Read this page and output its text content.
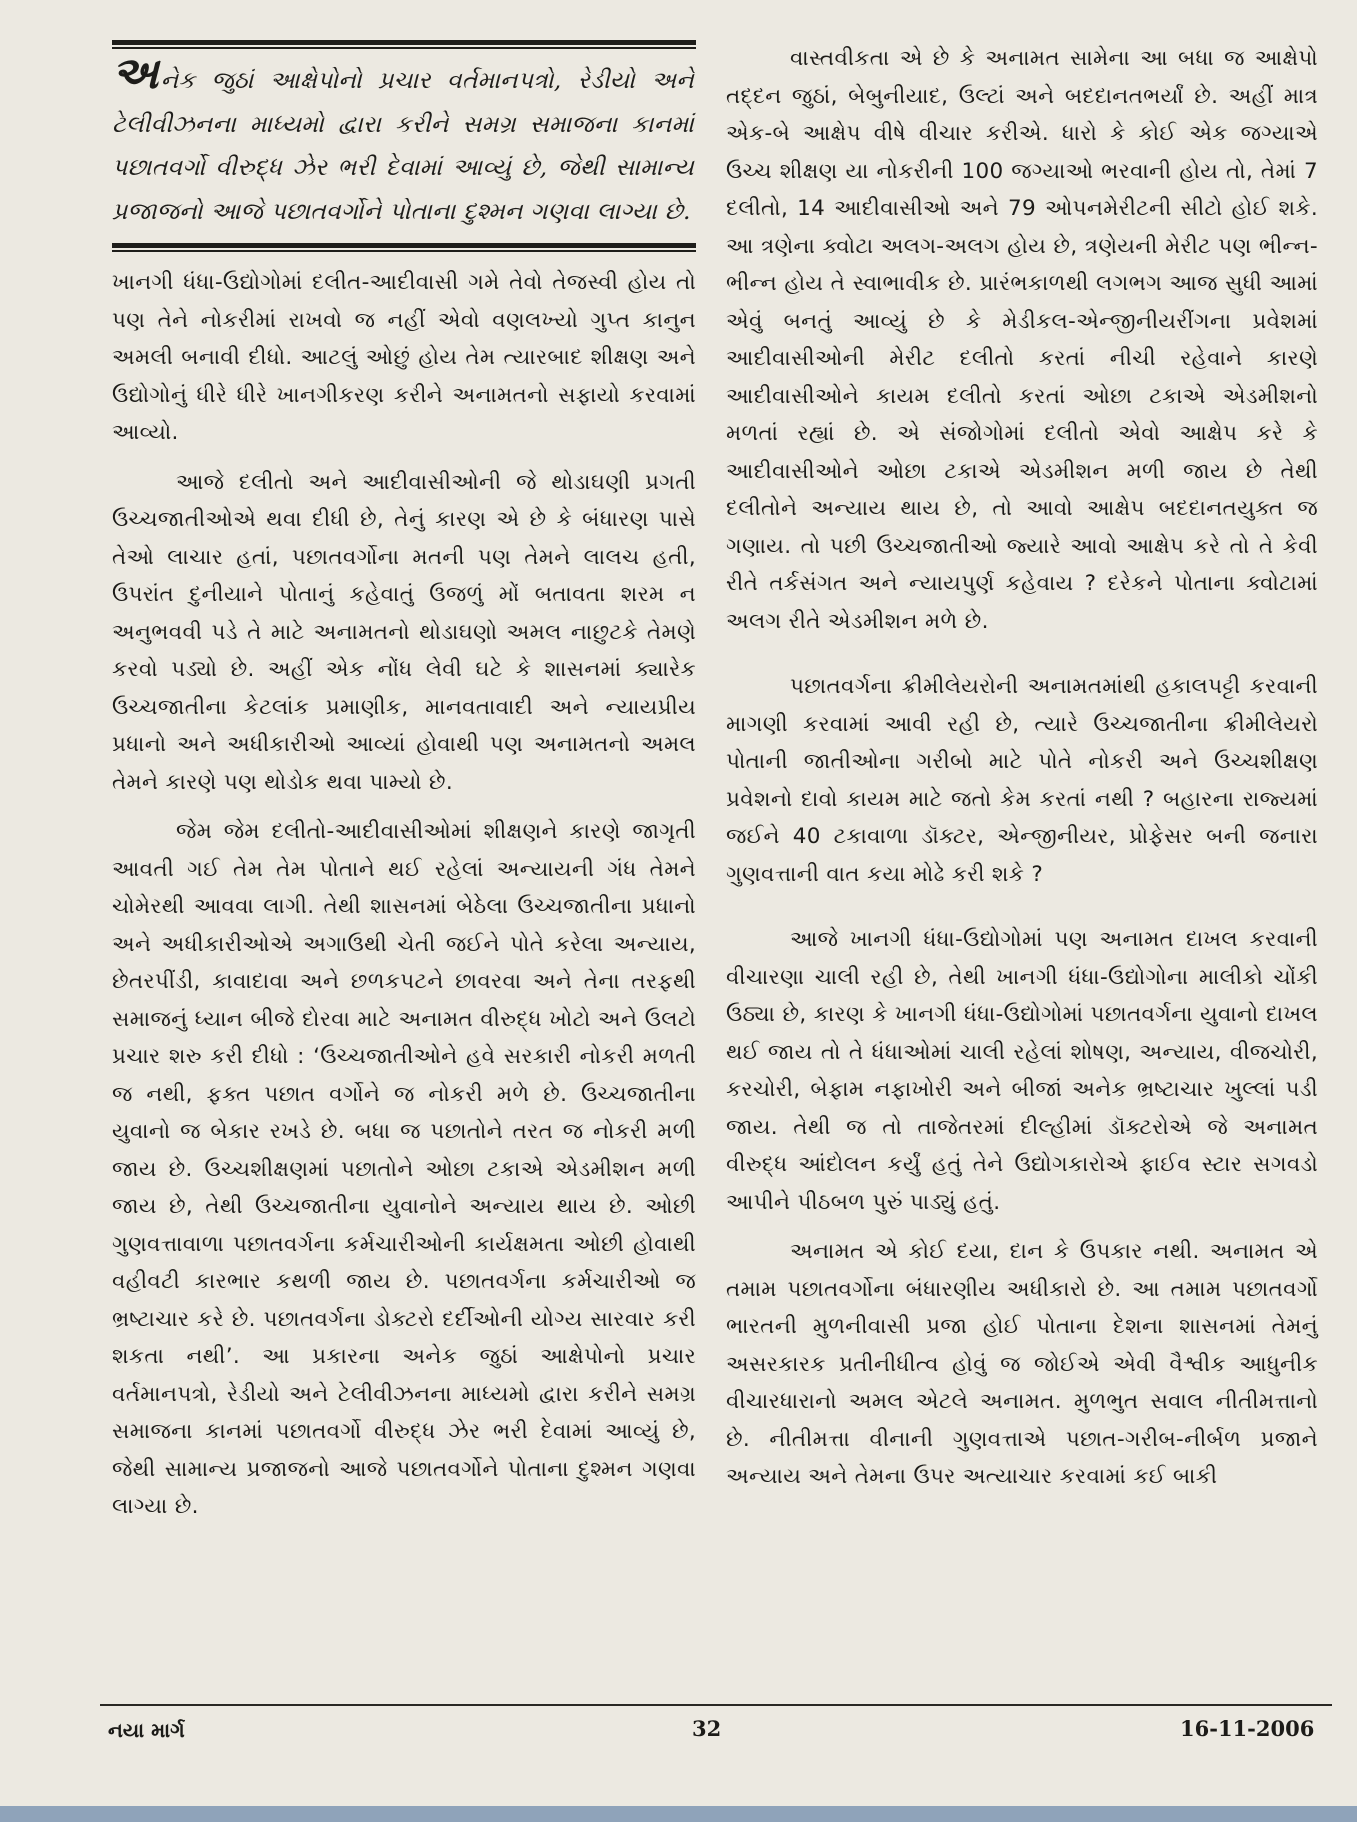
અનેક જુઠાં આક્ષેપોનો પ્રચાર વર્તમાનપત્રો, રેડીયો અને ટેલીવીઝનના માધ્યમો દ્વારા કરીને સમગ્ર સમાજના કાનમાં પછાતવર્ગો વીરુદ્ધ ઝેર ભરી દેવામાં આવ્યું છે, જેથી સામાન્ય પ્રજાજનો આજે પછાતવર્ગોને પોતાના દુશ્મન ગણવા લાગ્યા છે.

ખાનગી ધંધા-ઉદ્યોગોમાં દલીત-આદીવાસી ગમે તેવો તેજસ્વી હોય તો પણ તેને નોકરીમાં રાખવો જ નહીં એવો વણલખ્યો ગુપ્ત કાનુન અમલી બનાવી દીધો. આટલું ઓછું હોય તેમ ત્યારબાદ શીક્ષણ અને ઉદ્યોગોનું ધીરે ધીરે ખાનગીકરણ કરીને અનામતનો સફાયો કરવામાં આવ્યો.

આજે દલીતો અને આદીવાસીઓની જે થોડાઘણી પ્રગતી ઉચ્ચજાતીઓએ થવા દીધી છે, તેનું કારણ એ છે કે બંધારણ પાસે તેઓ લાચાર હતાં, પછાતવર્ગોના મતની પણ તેમને લાલચ હતી, ઉપરાંત દુનીયાને પોતાનું કહેવાતું ઉજળું મોં બતાવતા શરમ ન અનુભવવી પડે તે માટે અનામતનો થોડાઘણો અમલ નાછુટકે તેમણે કરવો પડ્યો છે. અહીં એક નોંધ લેવી ઘટે કે શાસનમાં ક્યારેક ઉચ્ચજાતીના કેટલાંક પ્રમાણીક, માનવતાવાદી અને ન્યાયપ્રીય પ્રધાનો અને અધીકારીઓ આવ્યાં હોવાથી પણ અનામતનો અમલ તેમને કારણે પણ થોડોક થવા પામ્યો છે.

જેમ જેમ દલીતો-આદીવાસીઓમાં શીક્ષણને કારણે જાગૃતી આવતી ગઈ તેમ તેમ પોતાને થઈ રહેલાં અન્યાયની ગંધ તેમને ચોમેરથી આવવા લાગી. તેથી શાસનમાં બેઠેલા ઉચ્ચજાતીના પ્રધાનો અને અધીકારીઓએ અગાઉથી ચેતી જઈને પોતે કરેલા અન્યાય, છેતરપીંડી, કાવાદાવા અને છળકપટને છાવરવા અને તેના તરફથી સમાજનું ધ્યાન બીજે દોરવા માટે અનામત વીરુદ્ધ ખોટો અને ઉલટો પ્રચાર શરુ કરી દીધો : ‘ઉચ્ચજાતીઓને હવે સરકારી નોકરી મળતી જ નથી, ફક્ત પછાત વર્ગોને જ નોકરી મળે છે. ઉચ્ચજાતીના યુવાનો જ બેકાર રખડે છે. બધા જ પછાતોને તરત જ નોકરી મળી જાય છે. ઉચ્ચશીક્ષણમાં પછાતોને ઓછા ટકાએ એડમીશન મળી જાય છે, તેથી ઉચ્ચજાતીના યુવાનોને અન્યાય થાય છે. ઓછી ગુણવત્તાવાળા પછાતવર્ગના કર્મચારીઓની કાર્યક્ષમતા ઓછી હોવાથી વહીવટી કારભાર કથળી જાય છે. પછાતવર્ગના કર્મચારીઓ જ ભ્રષ્ટાચાર કરે છે. પછાતવર્ગના ડોક્ટરો દર્દીઓની યોગ્ય સારવાર કરી શકતા નથી’. આ પ્રકારના અનેક જુઠાં આક્ષેપોનો પ્રચાર વર્તમાનપત્રો, રેડીયો અને ટેલીવીઝનના માધ્યમો દ્વારા કરીને સમગ્ર સમાજના કાનમાં પછાતવર્ગો વીરુદ્ધ ઝેર ભરી દેવામાં આવ્યું છે, જેથી સામાન્ય પ્રજાજનો આજે પછાતવર્ગોને પોતાના દુશ્મન ગણવા લાગ્યા છે.

વાસ્તવીકતા એ છે કે અનામત સામેના આ બધા જ આક્ષેપો તદ્દન જુઠાં, બેબુનીયાદ, ઉલ્ટાં અને બદદાનતભર્યાં છે. અહીં માત્ર એક-બે આક્ષેપ વીષે વીચાર કરીએ. ધારો કે કોઈ એક જગ્યાએ ઉચ્ચ શીક્ષણ યા નોકરીની 100 જગ્યાઓ ભરવાની હોય તો, તેમાં 7 દલીતો, 14 આદીવાસીઓ અને 79 ઓપનમેરીટની સીટો હોઈ શકે. આ ત્રણેના ક્વોટા અલગ-અલગ હોય છે, ત્રણેયની મેરીટ પણ ભીન્ન-ભીન્ન હોય તે સ્વાભાવીક છે. પ્રારંભકાળથી લગભગ આજ સુધી આમાં એવું બનતું આવ્યું છે કે મેડીકલ-એન્જીનીયરીંગના પ્રવેશમાં આદીવાસીઓની મેરીટ દલીતો કરતાં નીચી રહેવાને કારણે આદીવાસીઓને કાયમ દલીતો કરતાં ઓછા ટકાએ એડમીશનો મળતાં રહ્યાં છે. એ સંજોગોમાં દલીતો એવો આક્ષેપ કરે કે આદીવાસીઓને ઓછા ટકાએ એડમીશન મળી જાય છે તેથી દલીતોને અન્યાય થાય છે, તો આવો આક્ષેપ બદદાનતયુક્ત જ ગણાય. તો પછી ઉચ્ચજાતીઓ જ્યારે આવો આક્ષેપ કરે તો તે કેવી રીતે તર્કસંગત અને ન્યાયપુર્ણ કહેવાય ? દરેકને પોતાના ક્વોટામાં અલગ રીતે એડમીશન મળે છે.

પછાતવર્ગના ક્રીમીલેયરોની અનામતમાંથી હકાલપટ્ટી કરવાની માગણી કરવામાં આવી રહી છે, ત્યારે ઉચ્ચજાતીના ક્રીમીલેયરો પોતાની જાતીઓના ગરીબો માટે પોતે નોકરી અને ઉચ્ચશીક્ષણ પ્રવેશનો દાવો કાયમ માટે જતો કેમ કરતાં નથી ? બહારના રાજ્યમાં જઈને 40 ટકાવાળા ડૉક્ટર, એન્જીનીયર, પ્રોફેસર બની જનારા ગુણવત્તાની વાત કયા મોઢે કરી શકે ?

આજે ખાનગી ધંધા-ઉદ્યોગોમાં પણ અનામત દાખલ કરવાની વીચારણા ચાલી રહી છે, તેથી ખાનગી ધંધા-ઉદ્યોગોના માલીકો ચોંકી ઉઠ્યા છે, કારણ કે ખાનગી ધંધા-ઉદ્યોગોમાં પછાતવર્ગના યુવાનો દાખલ થઈ જાય તો તે ધંધાઓમાં ચાલી રહેલાં શોષણ, અન્યાય, વીજચોરી, કરચોરી, બેફામ નફાખોરી અને બીજાં અનેક ભ્રષ્ટાચાર ખુલ્લાં પડી જાય. તેથી જ તો તાજેતરમાં દીલ્હીમાં ડૉક્ટરોએ જે અનામત વીરુદ્ધ આંદોલન કર્યું હતું તેને ઉદ્યોગકારોએ ફાઈવ સ્ટાર સગવડો આપીને પીઠબળ પુરું પાડ્યું હતું.

અનામત એ કોઈ દયા, દાન કે ઉપકાર નથી. અનામત એ તમામ પછાતવર્ગોના બંધારણીય અધીકારો છે. આ તમામ પછાતવર્ગો ભારતની મુળનીવાસી પ્રજા હોઈ પોતાના દેશના શાસનમાં તેમનું અસરકારક પ્રતીનીધીત્વ હોવું જ જોઈએ એવી વૈશ્વીક આધુનીક વીચારધારાનો અમલ એટલે અનામત. મુળભુત સવાલ નીતીમત્તાનો છે. નીતીમત્તા વીનાની ગુણવત્તાએ પછાત-ગરીબ-નીર્બળ પ્રજાને અન્યાય અને તેમના ઉપર અત્યાચાર કરવામાં કઈ બાકી

નયા માર્ગ	32	16-11-2006
